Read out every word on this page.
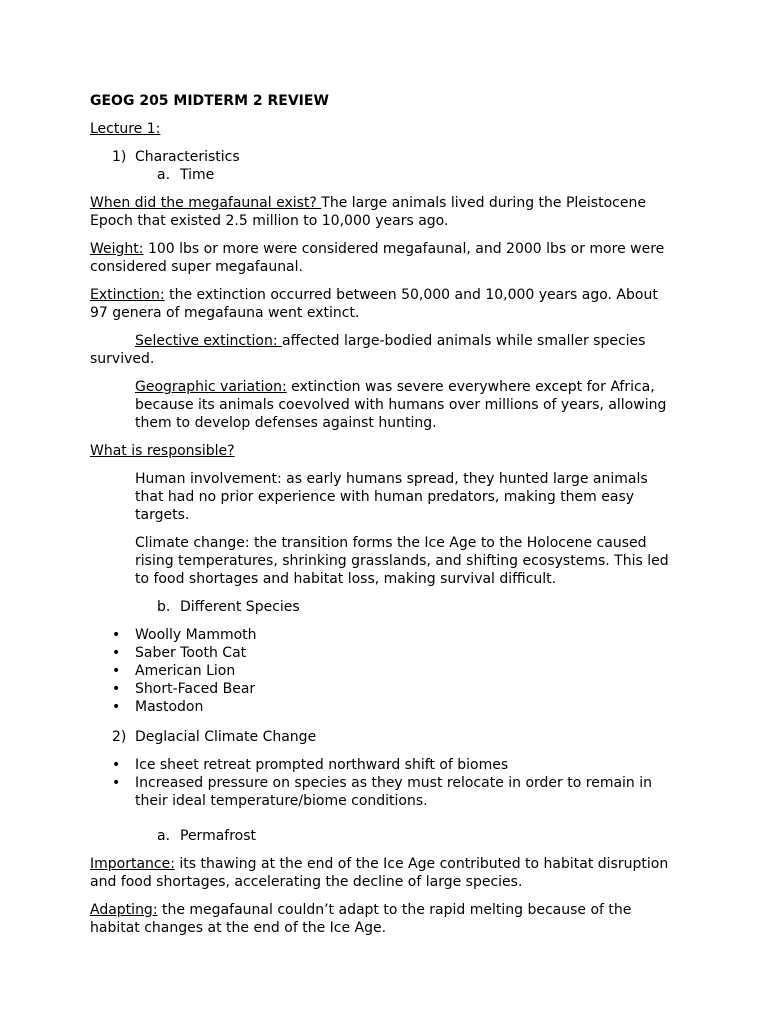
GEOG 205 MIDTERM 2 REVIEW

Lecture 1:

1) Characteristics

a. Time

When did the megafaunal exist? The large animals lived during the Pleistocene Epoch that existed 2.5 million to 10,000 years ago.

Weight: 100 lbs or more were considered megafaunal, and 2000 lbs or more were considered super megafaunal.

Extinction: the extinction occurred between 50,000 and 10,000 years ago. About 97 genera of megafauna went extinct.

Selective extinction: affected large-bodied animals while smaller species survived.

Geographic variation: extinction was severe everywhere except for Africa, because its animals coevolved with humans over millions of years, allowing them to develop defenses against hunting.

What is responsible?

Human involvement: as early humans spread, they hunted large animals that had no prior experience with human predators, making them easy targets.

Climate change: the transition forms the Ice Age to the Holocene caused rising temperatures, shrinking grasslands, and shifting ecosystems. This led to food shortages and habitat loss, making survival difficult.

b. Different Species

• Woolly Mammoth

• Saber Tooth Cat

• American Lion

• Short-Faced Bear

• Mastodon

2) Deglacial Climate Change

• Ice sheet retreat prompted northward shift of biomes

• Increased pressure on species as they must relocate in order to remain in their ideal temperature/biome conditions.

a. Permafrost

Importance: its thawing at the end of the Ice Age contributed to habitat disruption and food shortages, accelerating the decline of large species.

Adapting: the megafaunal couldn’t adapt to the rapid melting because of the habitat changes at the end of the Ice Age.
